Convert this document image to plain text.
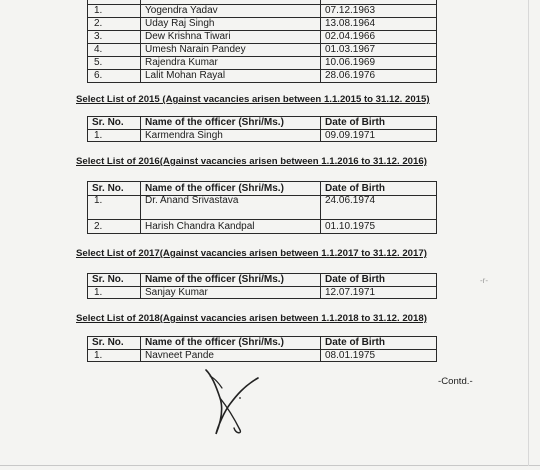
1.	Yogendra Yadav	07.12.1963
2.	Uday Raj Singh	13.08.1964
3.	Dew Krishna Tiwari	02.04.1966
4.	Umesh Narain Pandey	01.03.1967
5.	Rajendra Kumar	10.06.1969
6.	Lalit Mohan Rayal	28.06.1976
Select List of 2015 (Against vacancies arisen between 1.1.2015 to 31.12. 2015)
Sr. No.	Name of the officer (Shri/Ms.)	Date of Birth
1.	Karmendra Singh	09.09.1971
Select List of 2016(Against vacancies arisen between 1.1.2016 to 31.12. 2016)
Sr. No.	Name of the officer (Shri/Ms.)	Date of Birth
1.	Dr. Anand Srivastava	24.06.1974
2.	Harish Chandra Kandpal	01.10.1975
Select List of 2017(Against vacancies arisen between 1.1.2017 to 31.12. 2017)
Sr. No.	Name of the officer (Shri/Ms.)	Date of Birth
1.	Sanjay Kumar	12.07.1971
Select List of 2018(Against vacancies arisen between 1.1.2018 to 31.12. 2018)
Sr. No.	Name of the officer (Shri/Ms.)	Date of Birth
1.	Navneet Pande	08.01.1975
-Contd.-
-r-
